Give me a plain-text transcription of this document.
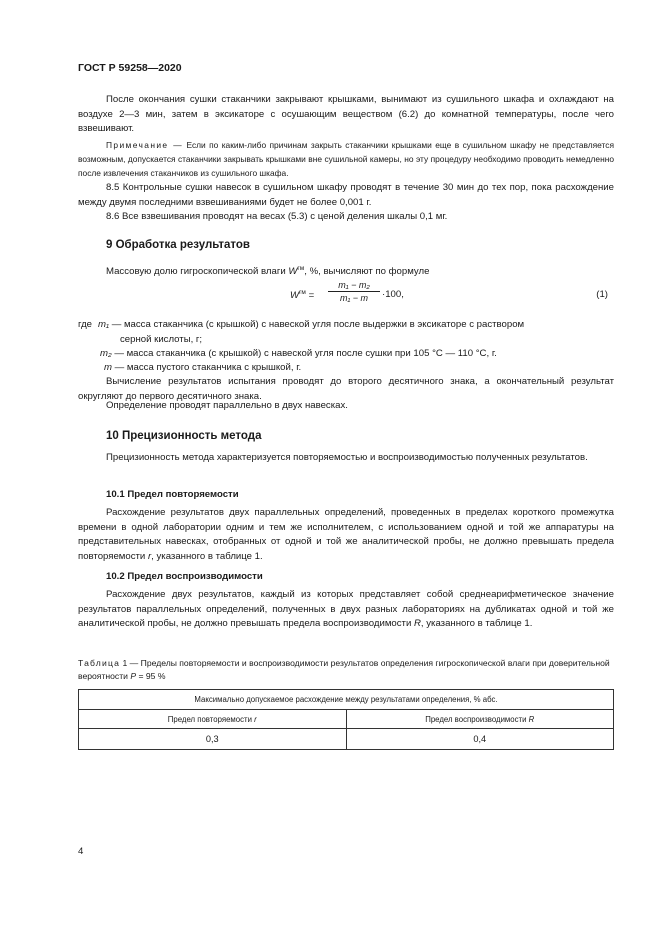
ГОСТ Р 59258—2020
После окончания сушки стаканчики закрывают крышками, вынимают из сушильного шкафа и охлаждают на воздухе 2—3 мин, затем в эксикаторе с осушающим веществом (6.2) до комнатной температуры, после чего взвешивают.
Примечание — Если по каким-либо причинам закрыть стаканчики крышками еще в сушильном шкафу не представляется возможным, допускается стаканчики закрывать крышками вне сушильной камеры, но эту процедуру необходимо проводить немедленно после извлечения стаканчиков из сушильного шкафа.
8.5 Контрольные сушки навесок в сушильном шкафу проводят в течение 30 мин до тех пор, пока расхождение между двумя последними взвешиваниями будет не более 0,001 г.
8.6 Все взвешивания проводят на весах (5.3) с ценой деления шкалы 0,1 мг.
9 Обработка результатов
Массовую долю гигроскопической влаги $W^{гм}$, %, вычисляют по формуле
$W^{гм} = \frac{\text{m₁ − m₂}}{\text{m₁ − m}} \cdot 100$,	(1)
где m₁ — масса стаканчика (с крышкой) с навеской угля после выдержки в эксикаторе с раствором
серной кислоты, г;
m₂ — масса стаканчика (с крышкой) с навеской угля после сушки при 105 °С — 110 °С, г.
m — масса пустого стаканчика с крышкой, г.
Вычисление результатов испытания проводят до второго десятичного знака, а окончательный результат округляют до первого десятичного знака.
Определение проводят параллельно в двух навесках.
10 Прецизионность метода
Прецизионность метода характеризуется повторяемостью и воспроизводимостью полученных результатов.
10.1 Предел повторяемости
Расхождение результатов двух параллельных определений, проведенных в пределах короткого промежутка времени в одной лаборатории одним и тем же исполнителем, с использованием одной и той же аппаратуры на представительных навесках, отобранных от одной и той же аналитической пробы, не должно превышать предела повторяемости r, указанного в таблице 1.
10.2 Предел воспроизводимости
Расхождение двух результатов, каждый из которых представляет собой среднеарифметическое значение результатов параллельных определений, полученных в двух разных лабораториях на дубликатах одной и той же аналитической пробы, не должно превышать предела воспроизводимости R, указанного в таблице 1.
Таблица 1 — Пределы повторяемости и воспроизводимости результатов определения гигроскопической влаги при доверительной вероятности P = 95 %
Максимально допускаемое расхождение между результатами определения, % абс.	
Предел повторяемости r	Предел воспроизводимости R
0,3	0,4
4
